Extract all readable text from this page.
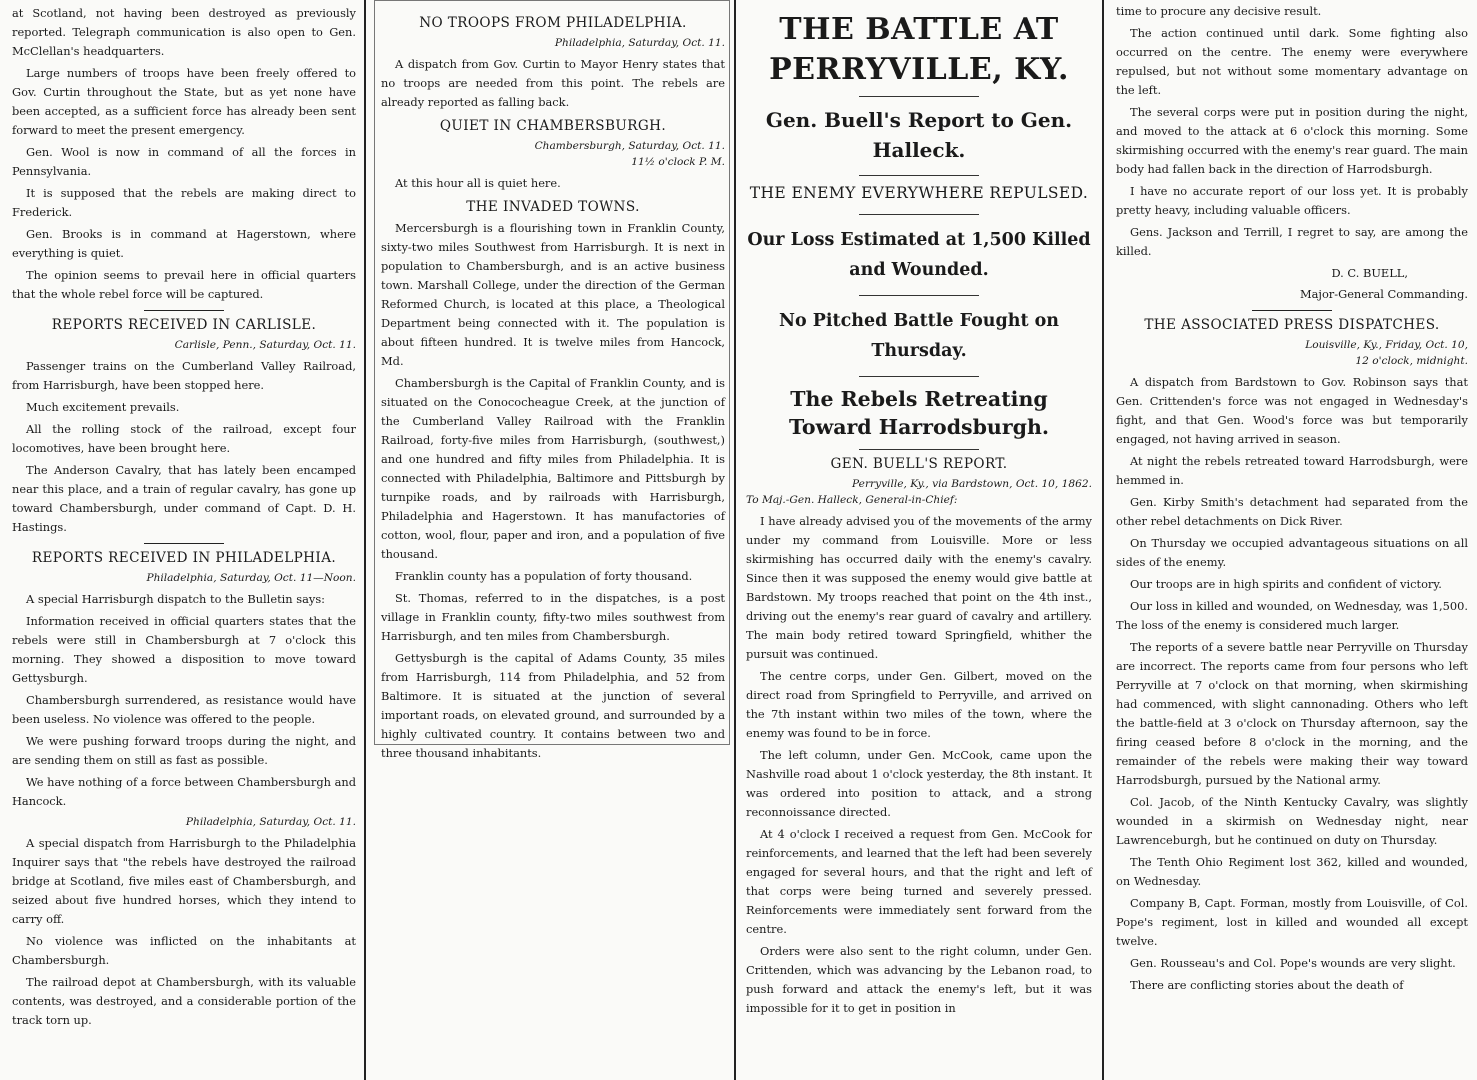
at Scotland, not having been destroyed as previously reported. Telegraph communication is also open to Gen. McClellan's headquarters.

Large numbers of troops have been freely offered to Gov. Curtin throughout the State, but as yet none have been accepted, as a sufficient force has already been sent forward to meet the present emergency.

Gen. Wool is now in command of all the forces in Pennsylvania.

It is supposed that the rebels are making direct to Frederick.

Gen. Brooks is in command at Hagerstown, where everything is quiet.

The opinion seems to prevail here in official quarters that the whole rebel force will be captured.

REPORTS RECEIVED IN CARLISLE.
Carlisle, Penn., Saturday, Oct. 11.

Passenger trains on the Cumberland Valley Railroad, from Harrisburgh, have been stopped here.

Much excitement prevails.

All the rolling stock of the railroad, except four locomotives, have been brought here.

The Anderson Cavalry, that has lately been encamped near this place, and a train of regular cavalry, has gone up toward Chambersburgh, under command of Capt. D. H. Hastings.

REPORTS RECEIVED IN PHILADELPHIA.
Philadelphia, Saturday, Oct. 11—Noon.

A special Harrisburgh dispatch to the Bulletin says:

Information received in official quarters states that the rebels were still in Chambersburgh at 7 o'clock this morning. They showed a disposition to move toward Gettysburgh.

Chambersburgh surrendered, as resistance would have been useless. No violence was offered to the people.

We were pushing forward troops during the night, and are sending them on still as fast as possible.

We have nothing of a force between Chambersburgh and Hancock.

Philadelphia, Saturday, Oct. 11.

A special dispatch from Harrisburgh to the Philadelphia Inquirer says that "the rebels have destroyed the railroad bridge at Scotland, five miles east of Chambersburgh, and seized about five hundred horses, which they intend to carry off.

No violence was inflicted on the inhabitants at Chambersburgh.

The railroad depot at Chambersburgh, with its valuable contents, was destroyed, and a considerable portion of the track torn up.

NO TROOPS FROM PHILADELPHIA.
Philadelphia, Saturday, Oct. 11.

A dispatch from Gov. Curtin to Mayor Henry states that no troops are needed from this point. The rebels are already reported as falling back.

QUIET IN CHAMBERSBURGH.
Chambersburgh, Saturday, Oct. 11.
11½ o'clock P. M.

At this hour all is quiet here.

THE INVADED TOWNS.

Mercersburgh is a flourishing town in Franklin County, sixty-two miles Southwest from Harrisburgh. It is next in population to Chambersburgh, and is an active business town. Marshall College, under the direction of the German Reformed Church, is located at this place, a Theological Department being connected with it. The population is about fifteen hundred. It is twelve miles from Hancock, Md.

Chambersburgh is the Capital of Franklin County, and is situated on the Conococheague Creek, at the junction of the Cumberland Valley Railroad with the Franklin Railroad, forty-five miles from Harrisburgh, (southwest,) and one hundred and fifty miles from Philadelphia. It is connected with Philadelphia, Baltimore and Pittsburgh by turnpike roads, and by railroads with Harrisburgh, Philadelphia and Hagerstown. It has manufactories of cotton, wool, flour, paper and iron, and a population of five thousand.

Franklin county has a population of forty thousand.

St. Thomas, referred to in the dispatches, is a post village in Franklin county, fifty-two miles southwest from Harrisburgh, and ten miles from Chambersburgh.

Gettysburgh is the capital of Adams County, 35 miles from Harrisburgh, 114 from Philadelphia, and 52 from Baltimore. It is situated at the junction of several important roads, on elevated ground, and surrounded by a highly cultivated country. It contains between two and three thousand inhabitants.

THE BATTLE AT PERRYVILLE, KY.
Gen. Buell's Report to Gen. Halleck.
THE ENEMY EVERYWHERE REPULSED.
Our Loss Estimated at 1,500 Killed and Wounded.
No Pitched Battle Fought on Thursday.
The Rebels Retreating Toward Harrodsburgh.
GEN. BUELL'S REPORT.
Perryville, Ky., via Bardstown, Oct. 10, 1862.
To Maj.-Gen. Halleck, General-in-Chief:

I have already advised you of the movements of the army under my command from Louisville. More or less skirmishing has occurred daily with the enemy's cavalry. Since then it was supposed the enemy would give battle at Bardstown. My troops reached that point on the 4th inst., driving out the enemy's rear guard of cavalry and artillery. The main body retired toward Springfield, whither the pursuit was continued.

The centre corps, under Gen. Gilbert, moved on the direct road from Springfield to Perryville, and arrived on the 7th instant within two miles of the town, where the enemy was found to be in force.

The left column, under Gen. McCook, came upon the Nashville road about 1 o'clock yesterday, the 8th instant. It was ordered into position to attack, and a strong reconnoissance directed.

At 4 o'clock I received a request from Gen. McCook for reinforcements, and learned that the left had been severely engaged for several hours, and that the right and left of that corps were being turned and severely pressed. Reinforcements were immediately sent forward from the centre.

Orders were also sent to the right column, under Gen. Crittenden, which was advancing by the Lebanon road, to push forward and attack the enemy's left, but it was impossible for it to get in position in

time to procure any decisive result.

The action continued until dark. Some fighting also occurred on the centre. The enemy were everywhere repulsed, but not without some momentary advantage on the left.

The several corps were put in position during the night, and moved to the attack at 6 o'clock this morning. Some skirmishing occurred with the enemy's rear guard. The main body had fallen back in the direction of Harrodsburgh.

I have no accurate report of our loss yet. It is probably pretty heavy, including valuable officers.

Gens. Jackson and Terrill, I regret to say, are among the killed.

D. C. BUELL,
Major-General Commanding.
THE ASSOCIATED PRESS DISPATCHES.
Louisville, Ky., Friday, Oct. 10,
12 o'clock, midnight.

A dispatch from Bardstown to Gov. Robinson says that Gen. Crittenden's force was not engaged in Wednesday's fight, and that Gen. Wood's force was but temporarily engaged, not having arrived in season.

At night the rebels retreated toward Harrodsburgh, were hemmed in.

Gen. Kirby Smith's detachment had separated from the other rebel detachments on Dick River.

On Thursday we occupied advantageous situations on all sides of the enemy.

Our troops are in high spirits and confident of victory.

Our loss in killed and wounded, on Wednesday, was 1,500. The loss of the enemy is considered much larger.

The reports of a severe battle near Perryville on Thursday are incorrect. The reports came from four persons who left Perryville at 7 o'clock on that morning, when skirmishing had commenced, with slight cannonading. Others who left the battle-field at 3 o'clock on Thursday afternoon, say the firing ceased before 8 o'clock in the morning, and the remainder of the rebels were making their way toward Harrodsburgh, pursued by the National army.

Col. Jacob, of the Ninth Kentucky Cavalry, was slightly wounded in a skirmish on Wednesday night, near Lawrenceburgh, but he continued on duty on Thursday.

The Tenth Ohio Regiment lost 362, killed and wounded, on Wednesday.

Company B, Capt. Forman, mostly from Louisville, of Col. Pope's regiment, lost in killed and wounded all except twelve.

Gen. Rousseau's and Col. Pope's wounds are very slight.

There are conflicting stories about the death of
